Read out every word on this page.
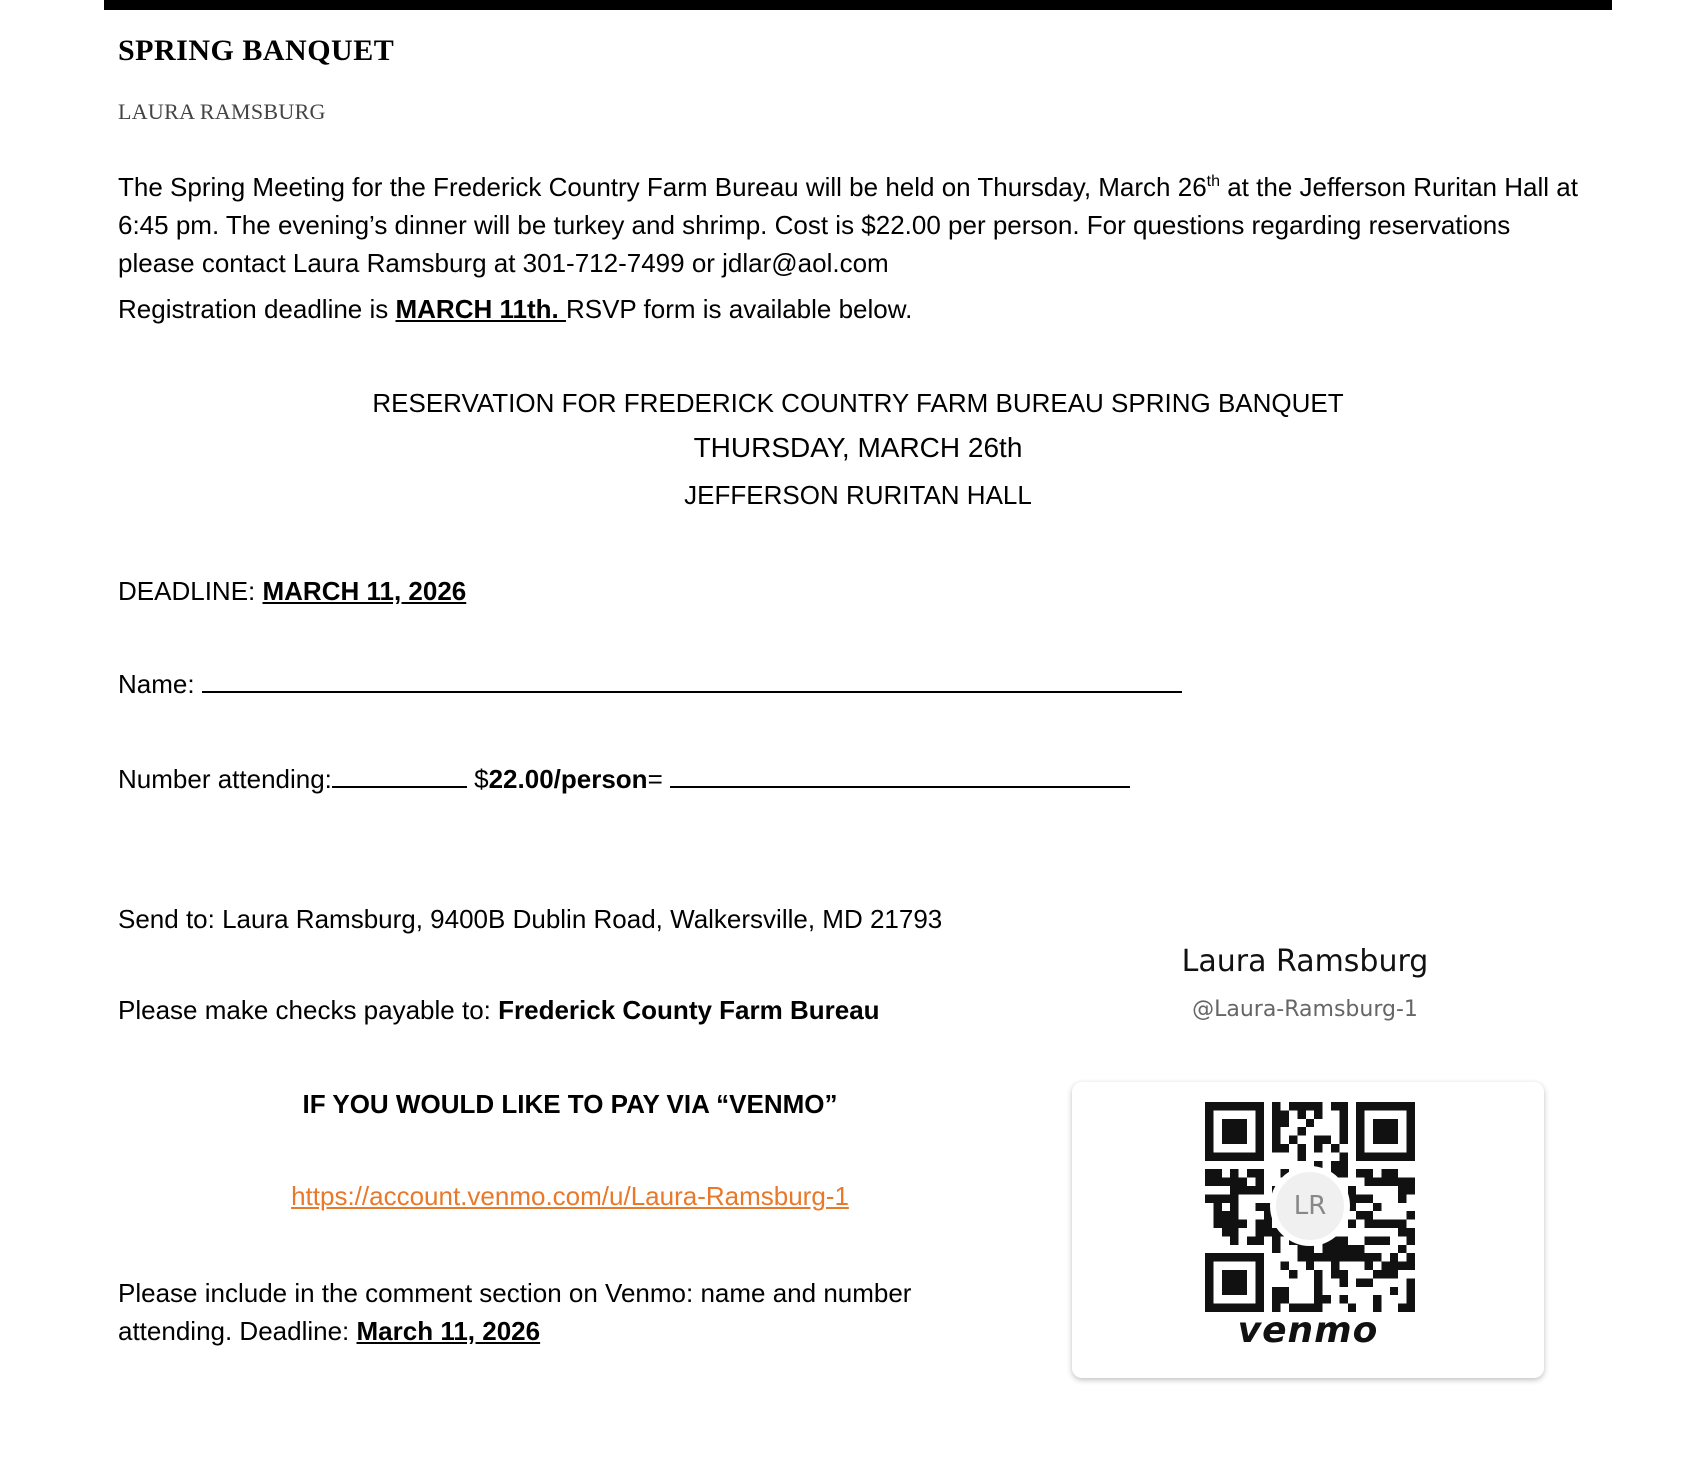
SPRING BANQUET
LAURA RAMSBURG
The Spring Meeting for the Frederick Country Farm Bureau will be held on Thursday, March 26th at the Jefferson Ruritan Hall at 6:45 pm. The evening’s dinner will be turkey and shrimp. Cost is $22.00 per person. For questions regarding reservations please contact Laura Ramsburg at 301-712-7499 or jdlar@aol.com
Registration deadline is MARCH 11th. RSVP form is available below.
RESERVATION FOR FREDERICK COUNTRY FARM BUREAU SPRING BANQUET
THURSDAY, MARCH 26th
JEFFERSON RURITAN HALL
DEADLINE: MARCH 11, 2026
Name:
Number attending:	$22.00/person=
Send to: Laura Ramsburg, 9400B Dublin Road, Walkersville, MD 21793
Please make checks payable to: Frederick County Farm Bureau
IF YOU WOULD LIKE TO PAY VIA “VENMO”
https://account.venmo.com/u/Laura-Ramsburg-1
Please include in the comment section on Venmo: name and number attending. Deadline: March 11, 2026
Laura Ramsburg
@Laura-Ramsburg-1
LR
venmo
